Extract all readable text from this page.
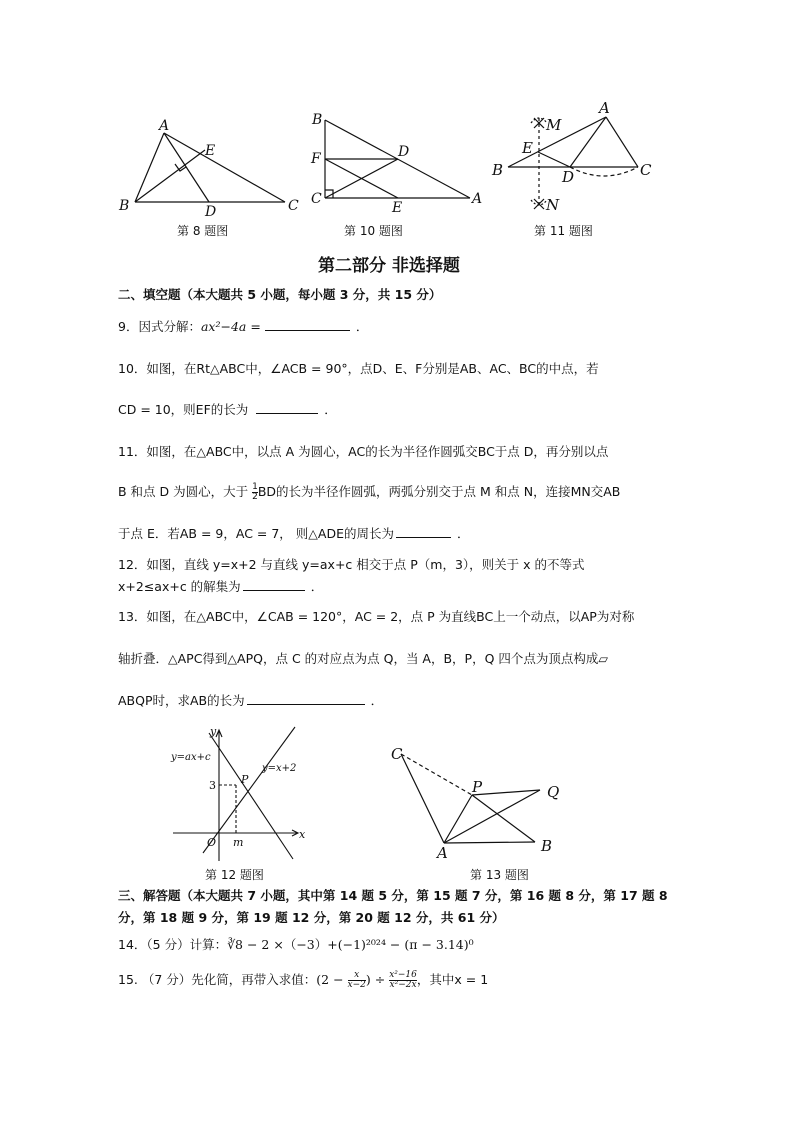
A
E
B	D	C
第 8 题图
B
D
F
C
E
A
第 10 题图
A
M
E
B	D	C
N
第 11 题图
第二部分 非选择题
二、填空题（本大题共 5 小题，每小题 3 分，共 15 分）
9．因式分解：ax²−4a =	．
10．如图，在Rt△ABC中，∠ACB = 90°，点D、E、F分别是AB、AC、BC的中点，若
CD = 10，则EF的长为	．
11．如图，在△ABC中，以点 A 为圆心，AC的长为半径作圆弧交BC于点 D，再分别以点
B 和点 D 为圆心，大于 $\frac{1}{2}$ BD的长为半径作圆弧，两弧分别交于点 M 和点 N，连接MN交AB
于点 E．若AB = 9，AC = 7， 则△ADE的周长为	．
12．如图，直线 y=x+2 与直线 y=ax+c 相交于点 P（m，3），则关于 x 的不等式
x+2≤ax+c 的解集为	．
13．如图，在△ABC中，∠CAB = 120°，AC = 2，点 P 为直线BC上一个动点，以AP为对称
轴折叠．△APC得到△APQ，点 C 的对应点为点 Q，当 A，B，P，Q 四个点为顶点构成▱
ABQP时，求AB的长为	．
y
x
O m
3 P
y=ax+c
y=x+2
第 12 题图
C
P	Q
A	B
第 13 题图
三、解答题（本大题共 7 小题，其中第 14 题 5 分，第 15 题 7 分，第 16 题 8 分，第 17 题 8
分，第 18 题 9 分，第 19 题 12 分，第 20 题 12 分，共 61 分）
14．（5 分）计算：∛8 − 2 ×（−3）+(−1)²⁰²⁴ − (π − 3.14)⁰
15. （7 分）先化简，再带入求值：($2 - \frac{x}{x-2}$ ) ÷ $\frac{\text{x²−16}}{\text{x²−2x}}$ ，其中x = 1
